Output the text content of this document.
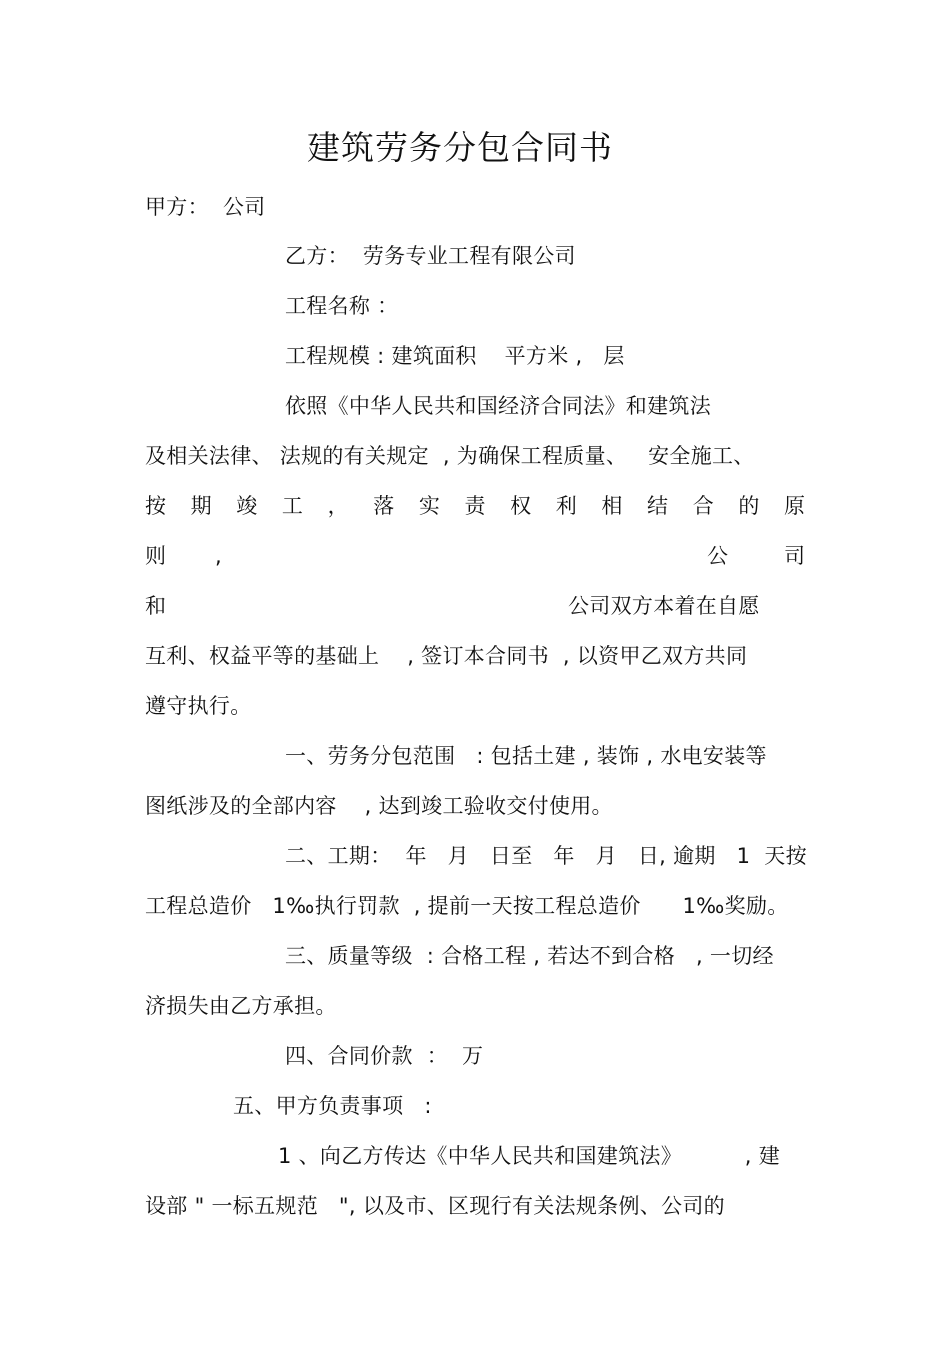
建筑劳务分包合同书
甲方：  公司
乙方：  劳务专业工程有限公司
工程名称 ：
工程规模 : 建筑面积    平方米 ,   层
依照《中华人民共和国经济合同法》和建筑法
及相关法律、 法规的有关规定  , 为确保工程质量、   安全施工、
按 期 竣 工 ， 落 实 责 权 利 相 结 合 的 原
则 ,	公	司
和	公司双方本着在自愿
互利、权益平等的基础上    , 签订本合同书  , 以资甲乙双方共同
遵守执行。
一、劳务分包范围   : 包括土建 , 装饰 , 水电安装等
图纸涉及的全部内容    , 达到竣工验收交付使用。
二、工期：  年   月   日至   年   月   日, 逾期   1  天按
工程总造价   1‰执行罚款  , 提前一天按工程总造价      1‰奖励。
三、质量等级  : 合格工程 , 若达不到合格   , 一切经
济损失由乙方承担。
四、合同价款  ：  万
五、甲方负责事项   :
1 、向乙方传达《中华人民共和国建筑法》         , 建
设部 " 一标五规范   ", 以及市、区现行有关法规条例、公司的
